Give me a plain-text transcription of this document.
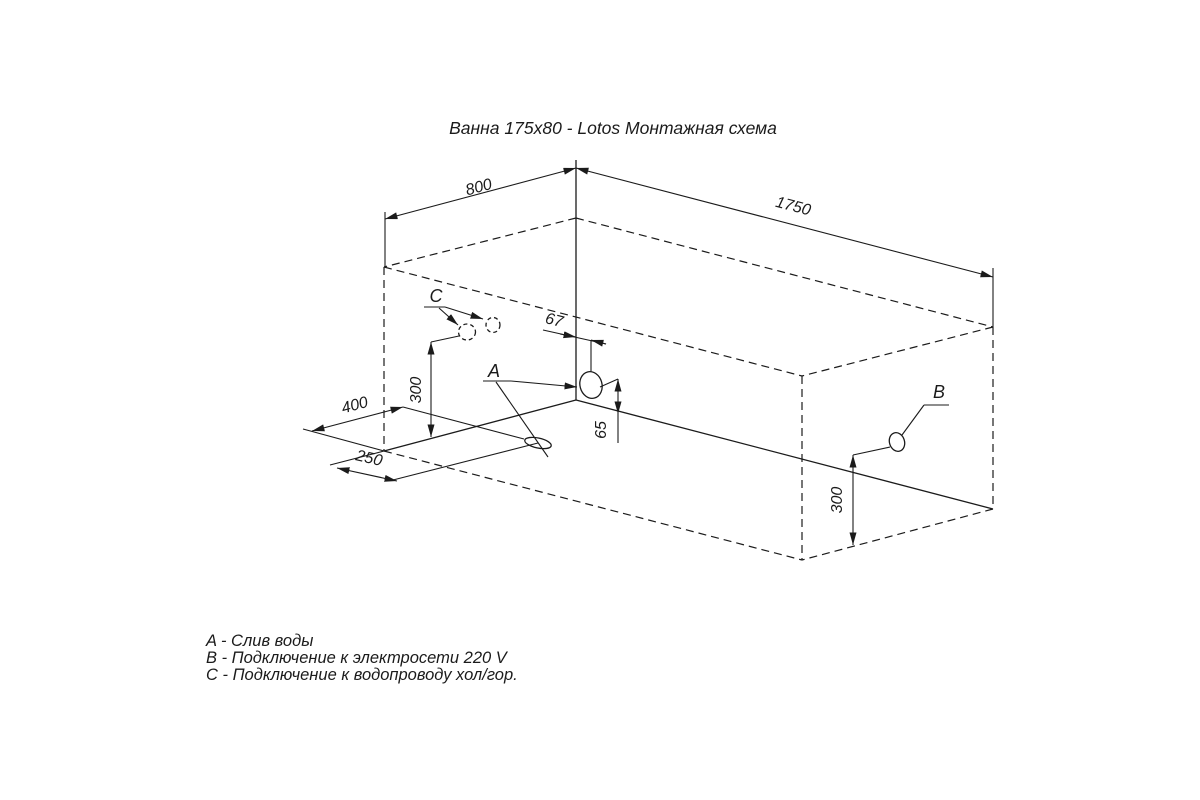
Ванна 175x80 - Lotos Монтажная схема
800
1750
C
300
67
A
65
400
250
B
300
A - Слив воды
B - Подключение к электросети 220 V
C - Подключение к водопроводу хол/гор.
